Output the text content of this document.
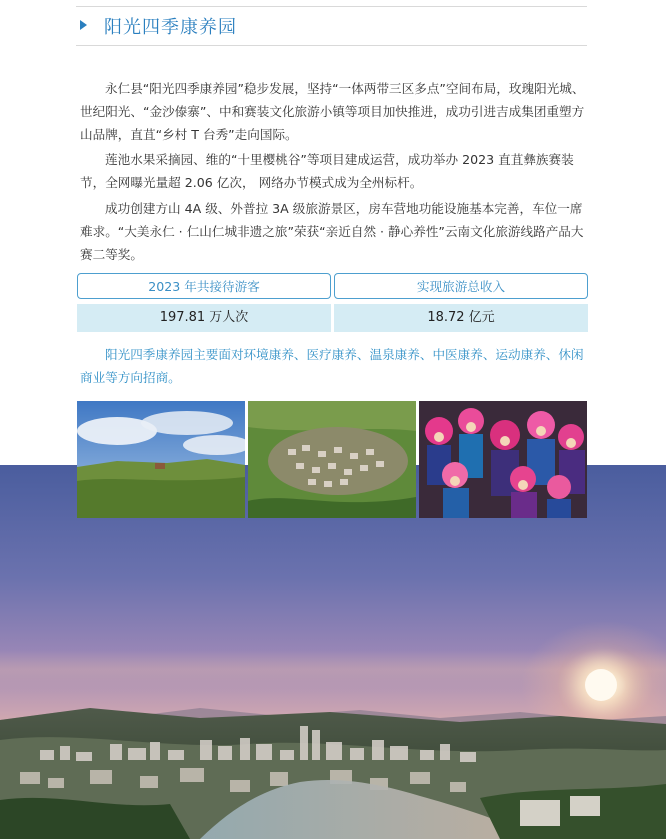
阳光四季康养园
永仁县“阳光四季康养园”稳步发展，坚持“一体两带三区多点”空间布局，玫瑰阳光城、世纪阳光、“金沙傣寨”、中和赛装文化旅游小镇等项目加快推进，成功引进吉成集团重塑方山品牌，直苴“乡村 T 台秀”走向国际。
莲池水果采摘园、维的“十里樱桃谷”等项目建成运营，成功举办 2023 直苴彝族赛装节，全网曝光量超 2.06 亿次， 网络办节模式成为全州标杆。
成功创建方山 4A 级、外普拉 3A 级旅游景区，房车营地功能设施基本完善，车位一席难求。“大美永仁 · 仁山仁城非遗之旅”荣获“亲近自然 · 静心养性”云南文化旅游线路产品大赛二等奖。
2023 年共接待游客	实现旅游总收入
197.81 万人次	18.72 亿元
阳光四季康养园主要面对环境康养、医疗康养、温泉康养、中医康养、运动康养、休闲商业等方向招商。
